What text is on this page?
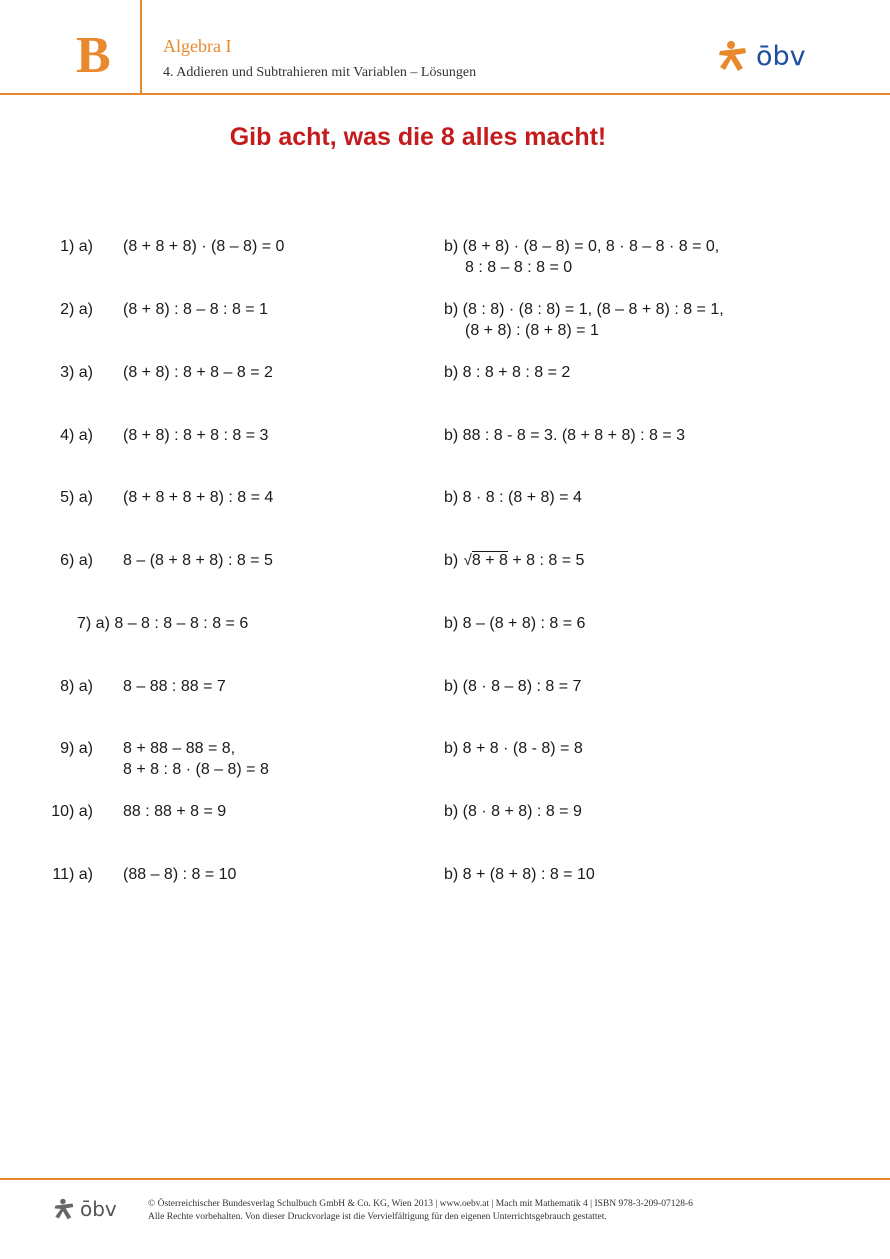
B	Algebra I
4. Addieren und Subtrahieren mit Variablen – Lösungen
ōbv
Gib acht, was die 8 alles macht!
1) a) (8 + 8 + 8) · (8 – 8) = 0	b) (8 + 8) · (8 – 8) = 0, 8 · 8 – 8 · 8 = 0,
8 : 8 – 8 : 8 = 0
2) a) (8 + 8) : 8 – 8 : 8 = 1	b) (8 : 8) · (8 : 8) = 1, (8 – 8 + 8) : 8 = 1,
(8 + 8) : (8 + 8) = 1
3) a) (8 + 8) : 8 + 8 – 8 = 2	b) 8 : 8 + 8 : 8 = 2
4) a) (8 + 8) : 8 + 8 : 8 = 3	b) 88 : 8 - 8 = 3. (8 + 8 + 8) : 8 = 3
5) a) (8 + 8 + 8 + 8) : 8 = 4	b) 8 · 8 : (8 + 8) = 4
6) a) 8 – (8 + 8 + 8) : 8 = 5	b) √8 + 8 + 8 : 8 = 5
7) a) 8 – 8 : 8 – 8 : 8 = 6	b) 8 – (8 + 8) : 8 = 6
8) a) 8 – 88 : 88 = 7	b) (8 · 8 – 8) : 8 = 7
9) a) 8 + 88 – 88 = 8,
8 + 8 : 8 · (8 – 8) = 8
b) 8 + 8 · (8 - 8) = 8
10) a) 88 : 88 + 8 = 9	b) (8 · 8 + 8) : 8 = 9
11) a) (88 – 8) : 8 = 10	b) 8 + (8 + 8) : 8 = 10
ōbv	© Österreichischer Bundesverlag Schulbuch GmbH & Co. KG, Wien 2013 | www.oebv.at | Mach mit Mathematik 4 | ISBN 978-3-209-07128-6
Alle Rechte vorbehalten. Von dieser Druckvorlage ist die Vervielfältigung für den eigenen Unterrichtsgebrauch gestattet.
